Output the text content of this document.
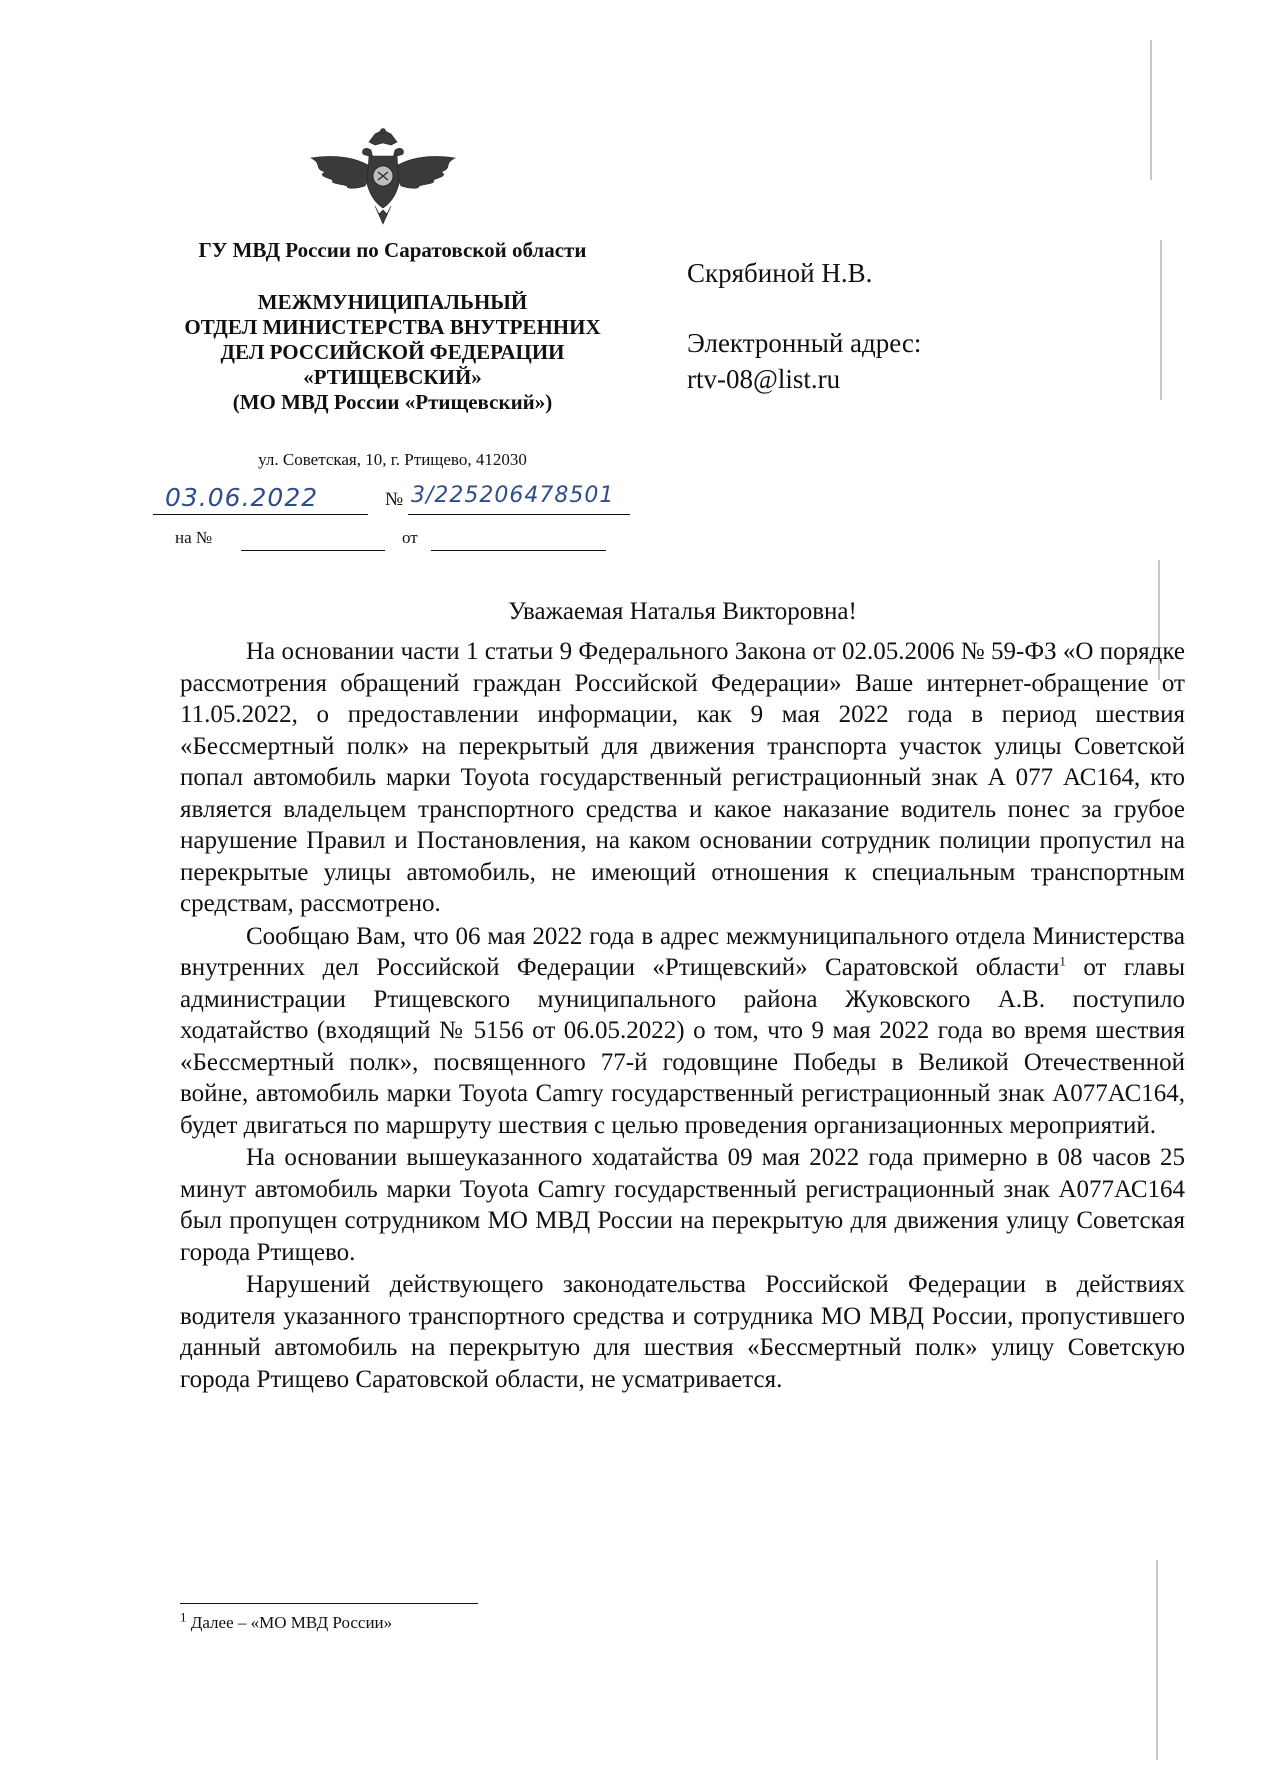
ГУ МВД России по Саратовской области
МЕЖМУНИЦИПАЛЬНЫЙ
ОТДЕЛ МИНИСТЕРСТВА ВНУТРЕННИХ
ДЕЛ РОССИЙСКОЙ ФЕДЕРАЦИИ
«РТИЩЕВСКИЙ»
(МО МВД России «Ртищевский»)
ул. Советская, 10, г. Ртищево, 412030
03.06.2022	№ 3/225206478501
на №	от
Скрябиной Н.В.
Электронный адрес:
rtv-08@list.ru
Уважаемая Наталья Викторовна!

На основании части 1 статьи 9 Федерального Закона от 02.05.2006 № 59-ФЗ «О порядке рассмотрения обращений граждан Российской Федерации» Ваше интернет-обращение от 11.05.2022, о предоставлении информации, как 9 мая 2022 года в период шествия «Бессмертный полк» на перекрытый для движения транспорта участок улицы Советской попал автомобиль марки Toyota государственный регистрационный знак А 077 АС164, кто является владельцем транспортного средства и какое наказание водитель понес за грубое нарушение Правил и Постановления, на каком основании сотрудник полиции пропустил на перекрытые улицы автомобиль, не имеющий отношения к специальным транспортным средствам, рассмотрено.

Сообщаю Вам, что 06 мая 2022 года в адрес межмуниципального отдела Министерства внутренних дел Российской Федерации «Ртищевский» Саратовской области$^1$ от главы администрации Ртищевского муниципального района Жуковского А.В. поступило ходатайство (входящий № 5156 от 06.05.2022) о том, что 9 мая 2022 года во время шествия «Бессмертный полк», посвященного 77-й годовщине Победы в Великой Отечественной войне, автомобиль марки Toyota Camry государственный регистрационный знак А077АС164, будет двигаться по маршруту шествия с целью проведения организационных мероприятий.

На основании вышеуказанного ходатайства 09 мая 2022 года примерно в 08 часов 25 минут автомобиль марки Toyota Camry государственный регистрационный знак А077АС164 был пропущен сотрудником МО МВД России на перекрытую для движения улицу Советская города Ртищево.

Нарушений действующего законодательства Российской Федерации в действиях водителя указанного транспортного средства и сотрудника МО МВД России, пропустившего данный автомобиль на перекрытую для шествия «Бессмертный полк» улицу Советскую города Ртищево Саратовской области, не усматривается.

$^1$ Далее – «МО МВД России»
